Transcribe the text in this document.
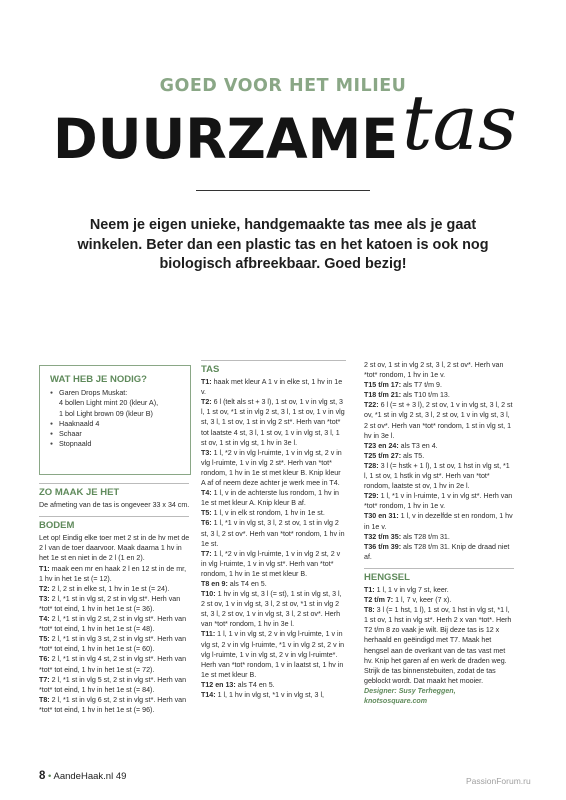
GOED VOOR HET MILIEU
DUURZAME tas
Neem je eigen unieke, handgemaakte tas mee als je gaat winkelen. Beter dan een plastic tas en het katoen is ook nog biologisch afbreekbaar. Goed bezig!
WAT HEB JE NODIG?
● Garen Drops Muskat:
4 bollen Light mint 20 (kleur A),
1 bol Light brown 09 (kleur B)
● Haaknaald 4
● Schaar
● Stopnaald
ZO MAAK JE HET

De afmeting van de tas is ongeveer 33 x 34 cm.

BODEM

Let op! Eindig elke toer met 2 st in de hv met de 2 l van de toer daarvoor. Maak daarna 1 hv in het 1e st en niet in de 2 l (1 en 2).

T1: maak een mr en haak 2 l en 12 st in de mr, 1 hv in het 1e st (= 12).

T2: 2 l, 2 st in elke st, 1 hv in 1e st (= 24).

T3: 2 l, *1 st in vlg st, 2 st in vlg st*. Herh van *tot* tot eind, 1 hv in het 1e st (= 36).

T4: 2 l, *1 st in vlg 2 st, 2 st in vlg st*. Herh van *tot* tot eind, 1 hv in het 1e st (= 48).

T5: 2 l, *1 st in vlg 3 st, 2 st in vlg st*. Herh van *tot* tot eind, 1 hv in het 1e st (= 60).

T6: 2 l, *1 st in vlg 4 st, 2 st in vlg st*. Herh van *tot* tot eind, 1 hv in het 1e st (= 72).

T7: 2 l, *1 st in vlg 5 st, 2 st in vlg st*. Herh van *tot* tot eind, 1 hv in het 1e st (= 84).

T8: 2 l, *1 st in vlg 6 st, 2 st in vlg st*. Herh van *tot* tot eind, 1 hv in het 1e st (= 96).

TAS

T1: haak met kleur A 1 v in elke st, 1 hv in 1e v.

T2: 6 l (telt als st + 3 l), 1 st ov, 1 v in vlg st, 3 l, 1 st ov, *1 st in vlg 2 st, 3 l, 1 st ov, 1 v in vlg st, 3 l, 1 st ov, 1 st in vlg 2 st*. Herh van *tot* tot laatste 4 st, 3 l, 1 st ov, 1 v in vlg st, 3 l, 1 st ov, 1 st in vlg st, 1 hv in 3e l.

T3: 1 l, *2 v in vlg l-ruimte, 1 v in vlg st, 2 v in vlg l-ruimte, 1 v in vlg 2 st*. Herh van *tot* rondom, 1 hv in 1e st met kleur B. Knip kleur A af of neem deze achter je werk mee in T4.

T4: 1 l, v in de achterste lus rondom, 1 hv in 1e st met kleur A. Knip kleur B af.

T5: 1 l, v in elk st rondom, 1 hv in 1e st.

T6: 1 l, *1 v in vlg st, 3 l, 2 st ov, 1 st in vlg 2 st, 3 l, 2 st ov*. Herh van *tot* rondom, 1 hv in 1e st.

T7: 1 l, *2 v in vlg l-ruimte, 1 v in vlg 2 st, 2 v in vlg l-ruimte, 1 v in vlg st*. Herh van *tot* rondom, 1 hv in 1e st met kleur B.

T8 en 9: als T4 en 5.

T10: 1 hv in vlg st, 3 l (= st), 1 st in vlg st, 3 l, 2 st ov, 1 v in vlg st, 3 l, 2 st ov, *1 st in vlg 2 st, 3 l, 2 st ov, 1 v in vlg st, 3 l, 2 st ov*. Herh van *tot* rondom, 1 hv in 3e l.

T11: 1 l, 1 v in vlg st, 2 v in vlg l-ruimte, 1 v in vlg st, 2 v in vlg l-ruimte, *1 v in vlg 2 st, 2 v in vlg l-ruimte, 1 v in vlg st, 2 v in vlg l-ruimte*. Herh van *tot* rondom, 1 v in laatst st, 1 hv in 1e st met kleur B.

T12 en 13: als T4 en 5.

T14: 1 l, 1 hv in vlg st, *1 v in vlg st, 3 l,

2 st ov, 1 st in vlg 2 st, 3 l, 2 st ov*. Herh van *tot* rondom, 1 hv in 1e v.

T15 t/m 17: als T7 t/m 9.

T18 t/m 21: als T10 t/m 13.

T22: 6 l (= st + 3 l), 2 st ov, 1 v in vlg st, 3 l, 2 st ov, *1 st in vlg 2 st, 3 l, 2 st ov, 1 v in vlg st, 3 l, 2 st ov*. Herh van *tot* rondom, 1 st in vlg st, 1 hv in 3e l.

T23 en 24: als T3 en 4.

T25 t/m 27: als T5.

T28: 3 l (= hstk + 1 l), 1 st ov, 1 hst in vlg st, *1 l, 1 st ov, 1 hstk in vlg st*. Herh van *tot* rondom, laatste st ov, 1 hv in 2e l.

T29: 1 l, *1 v in l-ruimte, 1 v in vlg st*. Herh van *tot* rondom, 1 hv in 1e v.

T30 en 31: 1 l, v in dezelfde st en rondom, 1 hv in 1e v.

T32 t/m 35: als T28 t/m 31.

T36 t/m 39: als T28 t/m 31. Knip de draad niet af.

HENGSEL

T1: 1 l, 1 v in vlg 7 st, keer.

T2 t/m 7: 1 l, 7 v, keer (7 x).

T8: 3 l (= 1 hst, 1 l), 1 st ov, 1 hst in vlg st, *1 l, 1 st ov, 1 hst in vlg st*. Herh 2 x van *tot*. Herh T2 t/m 8 zo vaak je wilt. Bij deze tas is 12 x herhaald en geëindigd met T7. Maak het hengsel aan de overkant van de tas vast met hv. Knip het garen af en werk de draden weg. Strijk de tas binnenstebuiten, zodat de tas geblockt wordt. Dat maakt het mooier.

Designer: Susy Terheggen, knotsosquare.com

8 • AandeHaak.nl 49	PassionForum.ru
